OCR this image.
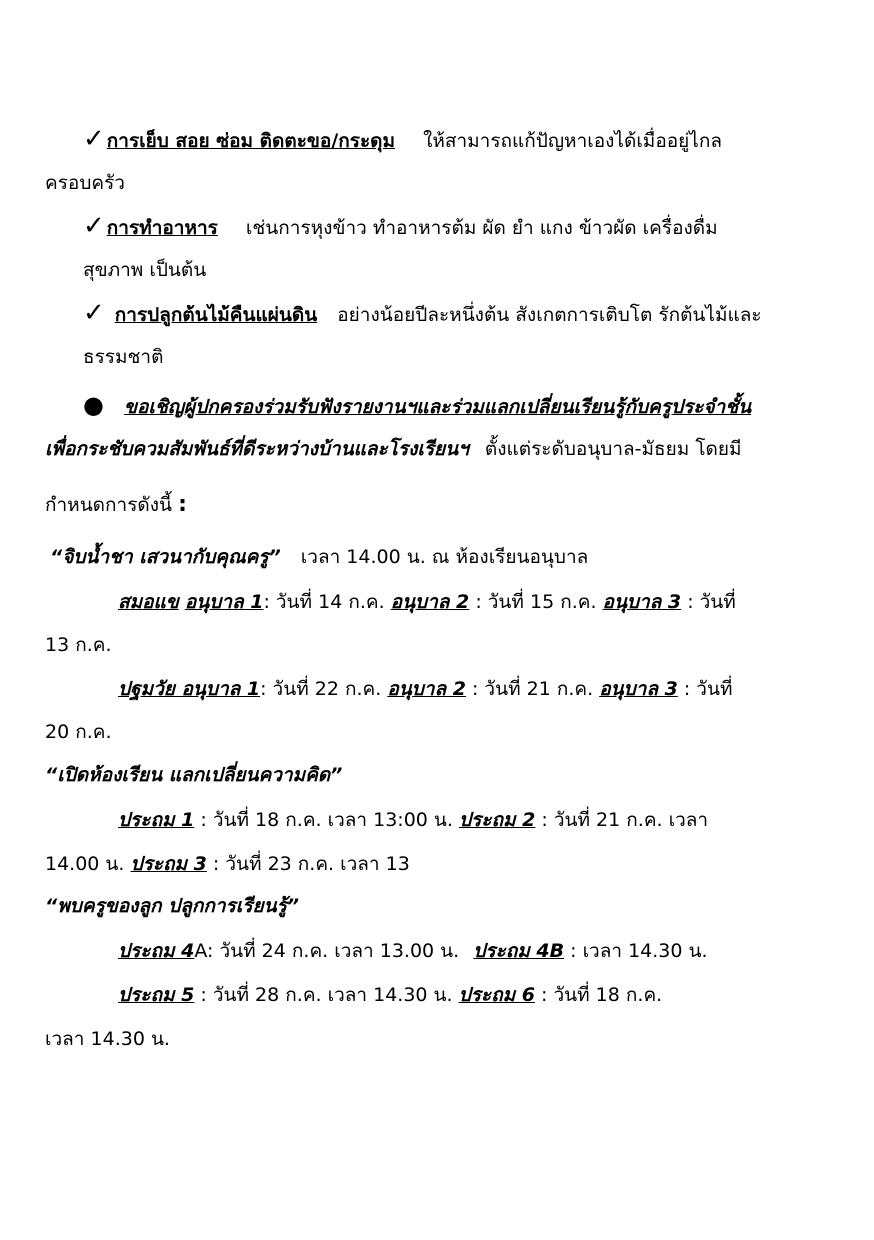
✓ การเย็บ สอย ซ่อม ติดตะขอ/กระดุม ให้สามารถแก้ปัญหาเองได้เมื่ออยู่ไกล
ครอบครัว
✓ การทำอาหาร เช่นการหุงข้าว ทำอาหารต้ม ผัด ยำ แกง ข้าวผัด เครื่องดื่ม
สุขภาพ เป็นต้น
✓ การปลูกต้นไม้คืนแผ่นดิน อย่างน้อยปีละหนึ่งต้น สังเกตการเติบโต รักต้นไม้และ
ธรรมชาติ
● ขอเชิญผู้ปกครองร่วมรับฟังรายงานฯและร่วมแลกเปลี่ยนเรียนรู้กับครูประจำชั้น
เพื่อกระชับควมสัมพันธ์ที่ดีระหว่างบ้านและโรงเรียนฯ ตั้งแต่ระดับอนุบาล-มัธยม โดยมี
กำหนดการดังนี้ :
“จิบน้ำชา เสวนากับคุณครู” เวลา 14.00 น. ณ ห้องเรียนอนุบาล
สมอแข อนุบาล 1: วันที่ 14 ก.ค. อนุบาล 2 : วันที่ 15 ก.ค. อนุบาล 3 : วันที่
13 ก.ค.
ปฐมวัย อนุบาล 1: วันที่ 22 ก.ค. อนุบาล 2 : วันที่ 21 ก.ค. อนุบาล 3 : วันที่
20 ก.ค.
“เปิดห้องเรียน แลกเปลี่ยนความคิด”
ประถม 1 : วันที่ 18 ก.ค. เวลา 13:00 น. ประถม 2 : วันที่ 21 ก.ค. เวลา
14.00 น. ประถม 3 : วันที่ 23 ก.ค. เวลา 13
“พบครูของลูก ปลูกการเรียนรู้”
ประถม 4A: วันที่ 24 ก.ค. เวลา 13.00 น. ประถม 4B : เวลา 14.30 น.
ประถม 5 : วันที่ 28 ก.ค. เวลา 14.30 น. ประถม 6 : วันที่ 18 ก.ค.
เวลา 14.30 น.
